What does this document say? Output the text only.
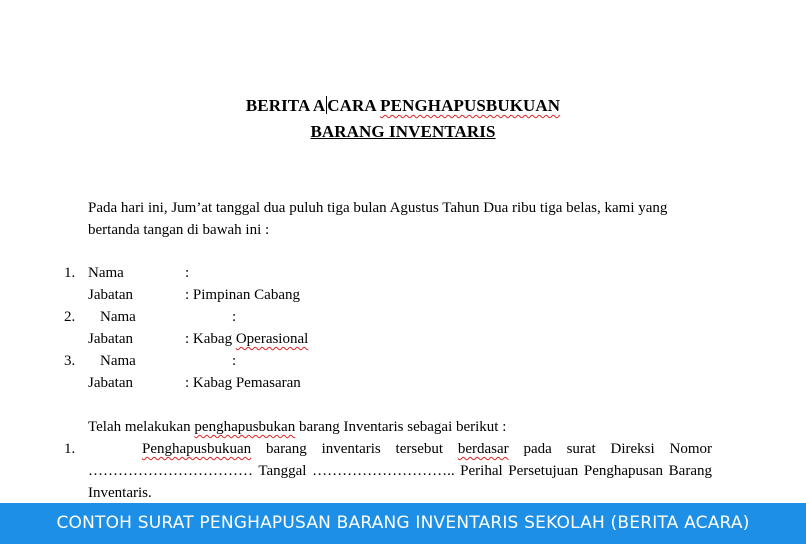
BERITA A CARA PENGHAPUSBUKUAN
BARANG INVENTARIS
Pada hari ini, Jum’at tanggal dua puluh tiga bulan Agustus Tahun Dua ribu tiga belas, kami yang
bertanda tangan di bawah ini :
1. Nama	:
Jabatan	: Pimpinan Cabang
2. Nama	:
Jabatan	: Kabag Operasional
3. Nama	:
Jabatan	: Kabag Pemasaran
Telah melakukan penghapusbukan barang Inventaris sebagai berikut :
1.	Penghapusbukuan barang inventaris tersebut berdasar pada surat Direksi Nomor
…………………………… Tanggal ……………………….. Perihal Persetujuan Penghapusan Barang
Inventaris.
CONTOH SURAT PENGHAPUSAN BARANG INVENTARIS SEKOLAH (BERITA ACARA)
